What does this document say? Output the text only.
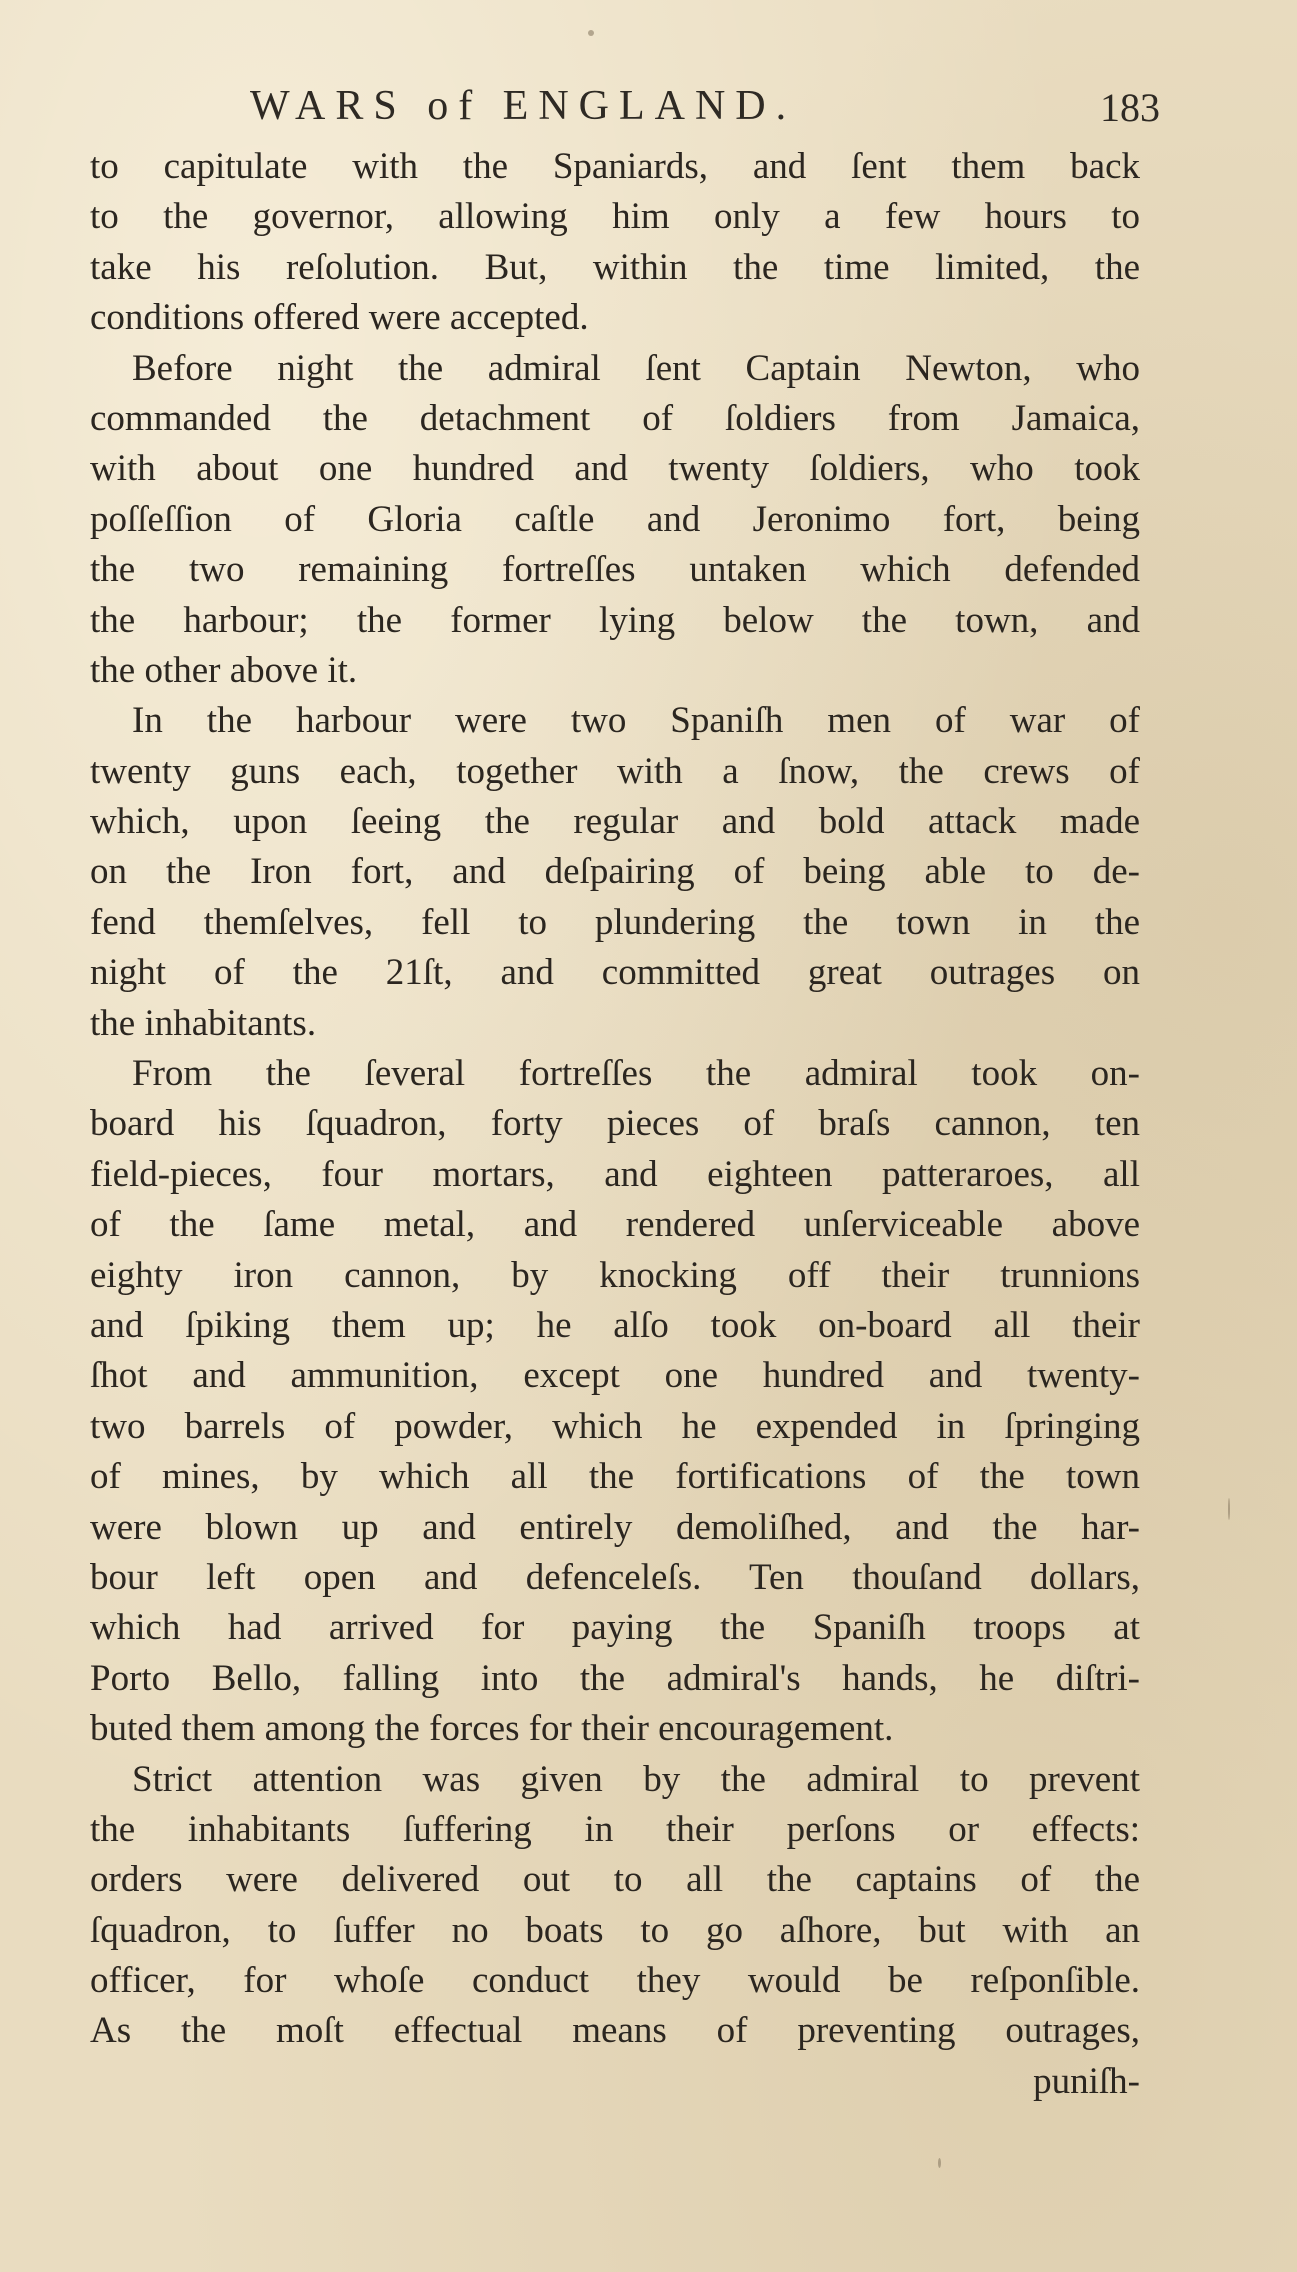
WARS of ENGLAND.	183
to capitulate with the Spaniards, and ſent them back
to the governor, allowing him only a few hours to
take his reſolution. But, within the time limited, the
conditions offered were accepted.
Before night the admiral ſent Captain Newton, who
commanded the detachment of ſoldiers from Jamaica,
with about one hundred and twenty ſoldiers, who took
poſſeſſion of Gloria caſtle and Jeronimo fort, being
the two remaining fortreſſes untaken which defended
the harbour; the former lying below the town, and
the other above it.
In the harbour were two Spaniſh men of war of
twenty guns each, together with a ſnow, the crews of
which, upon ſeeing the regular and bold attack made
on the Iron fort, and deſpairing of being able to de-
fend themſelves, fell to plundering the town in the
night of the 21ſt, and committed great outrages on
the inhabitants.
From the ſeveral fortreſſes the admiral took on-
board his ſquadron, forty pieces of braſs cannon, ten
field-pieces, four mortars, and eighteen patteraroes, all
of the ſame metal, and rendered unſerviceable above
eighty iron cannon, by knocking off their trunnions
and ſpiking them up; he alſo took on-board all their
ſhot and ammunition, except one hundred and twenty-
two barrels of powder, which he expended in ſpringing
of mines, by which all the fortifications of the town
were blown up and entirely demoliſhed, and the har-
bour left open and defenceleſs. Ten thouſand dollars,
which had arrived for paying the Spaniſh troops at
Porto Bello, falling into the admiral's hands, he diſtri-
buted them among the forces for their encouragement.
Strict attention was given by the admiral to prevent
the inhabitants ſuffering in their perſons or effects:
orders were delivered out to all the captains of the
ſquadron, to ſuffer no boats to go aſhore, but with an
officer, for whoſe conduct they would be reſponſible.
As the moſt effectual means of preventing outrages,
puniſh-
